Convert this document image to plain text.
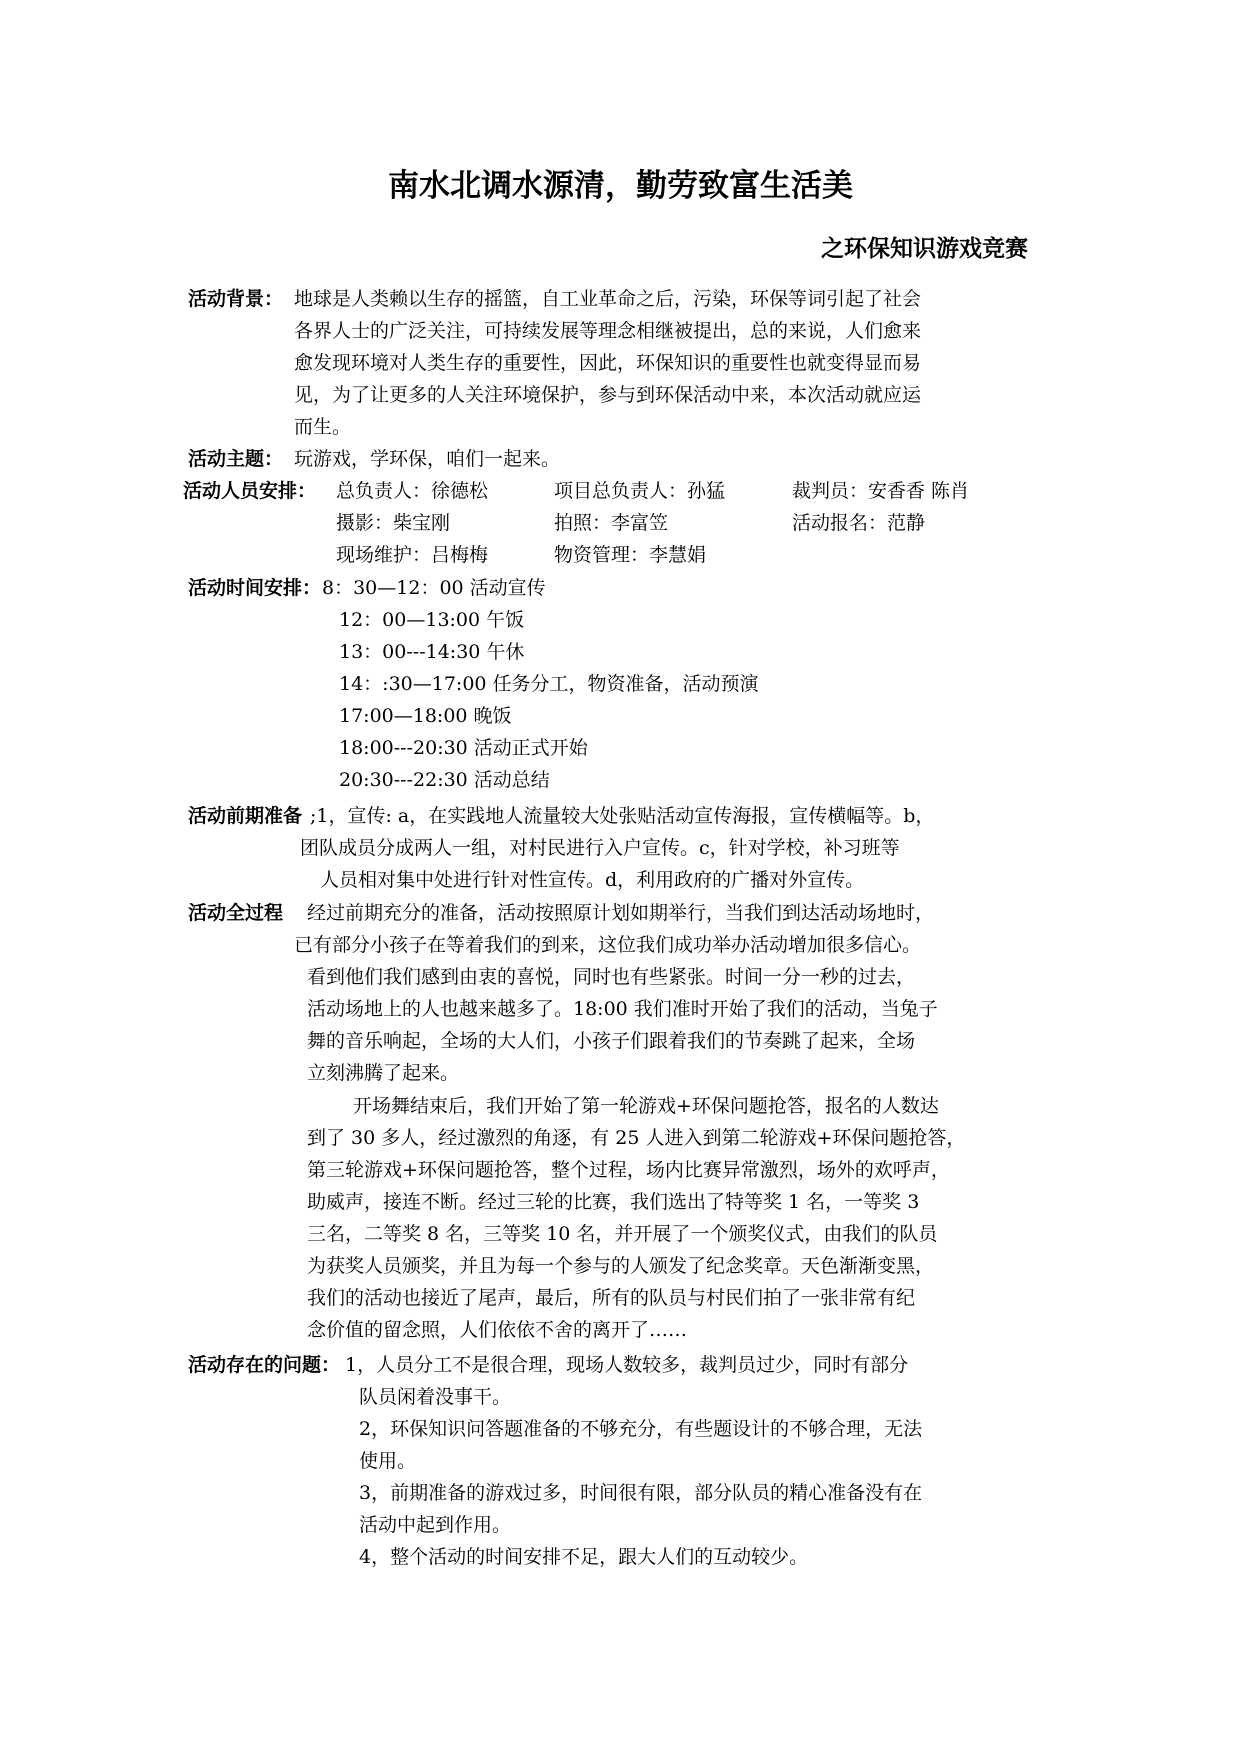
南水北调水源清，勤劳致富生活美
之环保知识游戏竞赛
活动背景： 地球是人类赖以生存的摇篮，自工业革命之后，污染，环保等词引起了社会
各界人士的广泛关注，可持续发展等理念相继被提出，总的来说，人们愈来
愈发现环境对人类生存的重要性，因此，环保知识的重要性也就变得显而易
见，为了让更多的人关注环境保护，参与到环保活动中来，本次活动就应运
而生。
活动主题： 玩游戏，学环保，咱们一起来。
活动人员安排： 总负责人：徐德松	项目总负责人：孙猛	裁判员：安香香 陈肖
摄影：柴宝刚	拍照：李富笠	活动报名：范静
现场维护：吕梅梅	物资管理：李慧娟
活动时间安排： 8：30—12：00 活动宣传
12：00—13:00 午饭
13：00---14:30 午休
14：:30—17:00 任务分工，物资准备，活动预演
17:00—18:00 晚饭
18:00---20:30 活动正式开始
20:30---22:30 活动总结
活动前期准备 ;1，宣传: a，在实践地人流量较大处张贴活动宣传海报，宣传横幅等。b，
团队成员分成两人一组，对村民进行入户宣传。c，针对学校，补习班等
人员相对集中处进行针对性宣传。d，利用政府的广播对外宣传。
活动全过程 经过前期充分的准备，活动按照原计划如期举行，当我们到达活动场地时，
已有部分小孩子在等着我们的到来，这位我们成功举办活动增加很多信心。
看到他们我们感到由衷的喜悦，同时也有些紧张。时间一分一秒的过去，
活动场地上的人也越来越多了。18:00 我们准时开始了我们的活动，当兔子
舞的音乐响起，全场的大人们，小孩子们跟着我们的节奏跳了起来，全场
立刻沸腾了起来。
开场舞结束后，我们开始了第一轮游戏+环保问题抢答，报名的人数达
到了 30 多人，经过激烈的角逐，有 25 人进入到第二轮游戏+环保问题抢答，
第三轮游戏+环保问题抢答，整个过程，场内比赛异常激烈，场外的欢呼声，
助威声，接连不断。经过三轮的比赛，我们选出了特等奖 1 名，一等奖 3
三名，二等奖 8 名，三等奖 10 名，并开展了一个颁奖仪式，由我们的队员
为获奖人员颁奖，并且为每一个参与的人颁发了纪念奖章。天色渐渐变黑，
我们的活动也接近了尾声，最后，所有的队员与村民们拍了一张非常有纪
念价值的留念照，人们依依不舍的离开了……
活动存在的问题： 1，人员分工不是很合理，现场人数较多，裁判员过少，同时有部分
队员闲着没事干。
2，环保知识问答题准备的不够充分，有些题设计的不够合理，无法
使用。
3，前期准备的游戏过多，时间很有限，部分队员的精心准备没有在
活动中起到作用。
4，整个活动的时间安排不足，跟大人们的互动较少。
